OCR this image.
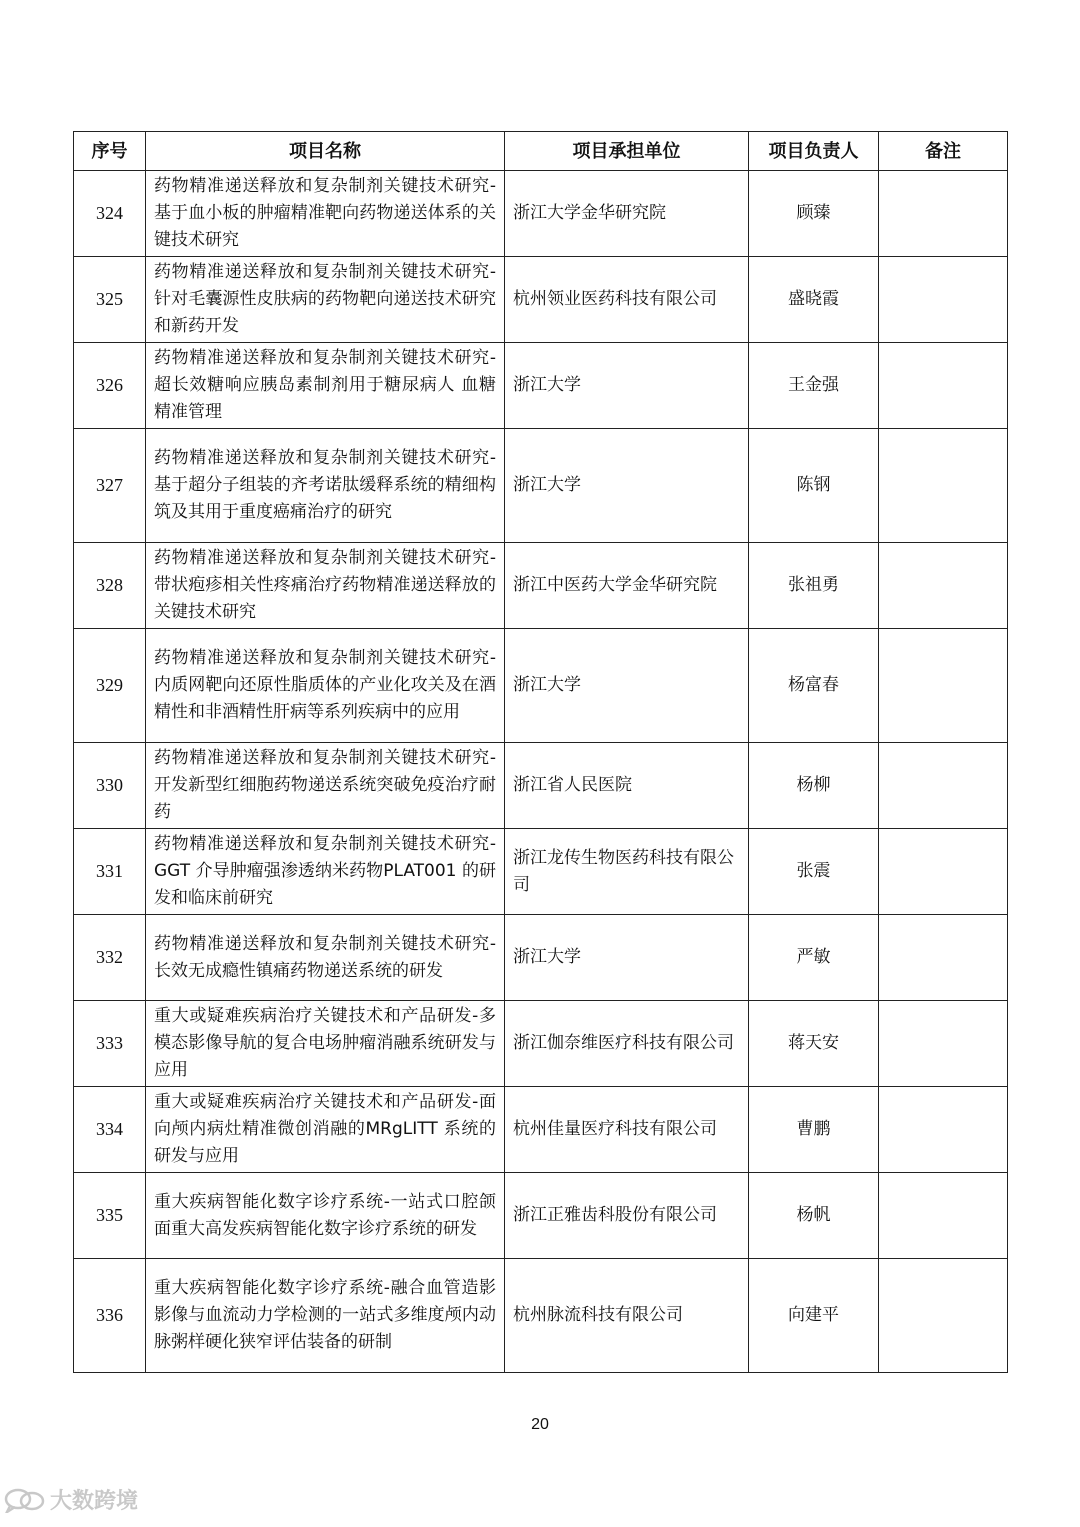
序号	项目名称	项目承担单位	项目负责人	备注
324	药物精准递送释放和复杂制剂关键技术研究-基于血小板的肿瘤精准靶向药物递送体系的关键技术研究	浙江大学金华研究院	顾臻	
325	药物精准递送释放和复杂制剂关键技术研究-针对毛囊源性皮肤病的药物靶向递送技术研究和新药开发	杭州领业医药科技有限公司	盛晓霞	
326	药物精准递送释放和复杂制剂关键技术研究-超长效糖响应胰岛素制剂用于糖尿病人 血糖精准管理	浙江大学	王金强	
327	药物精准递送释放和复杂制剂关键技术研究-基于超分子组装的齐考诺肽缓释系统的精细构筑及其用于重度癌痛治疗的研究	浙江大学	陈钢	
328	药物精准递送释放和复杂制剂关键技术研究-带状疱疹相关性疼痛治疗药物精准递送释放的关键技术研究	浙江中医药大学金华研究院	张祖勇	
329	药物精准递送释放和复杂制剂关键技术研究-内质网靶向还原性脂质体的产业化攻关及在酒精性和非酒精性肝病等系列疾病中的应用	浙江大学	杨富春	
330	药物精准递送释放和复杂制剂关键技术研究-开发新型红细胞药物递送系统突破免疫治疗耐药	浙江省人民医院	杨柳	
331	药物精准递送释放和复杂制剂关键技术研究-GGT 介导肿瘤强渗透纳米药物PLAT001 的研发和临床前研究	浙江龙传生物医药科技有限公司	张震	
332	药物精准递送释放和复杂制剂关键技术研究-长效无成瘾性镇痛药物递送系统的研发	浙江大学	严敏	
333	重大或疑难疾病治疗关键技术和产品研发-多模态影像导航的复合电场肿瘤消融系统研发与应用	浙江伽奈维医疗科技有限公司	蒋天安	
334	重大或疑难疾病治疗关键技术和产品研发-面向颅内病灶精准微创消融的MRgLITT 系统的研发与应用	杭州佳量医疗科技有限公司	曹鹏	
335	重大疾病智能化数字诊疗系统-一站式口腔颌面重大高发疾病智能化数字诊疗系统的研发	浙江正雅齿科股份有限公司	杨帆	
336	重大疾病智能化数字诊疗系统-融合血管造影影像与血流动力学检测的一站式多维度颅内动脉粥样硬化狭窄评估装备的研制	杭州脉流科技有限公司	向建平	
20
大数跨境
